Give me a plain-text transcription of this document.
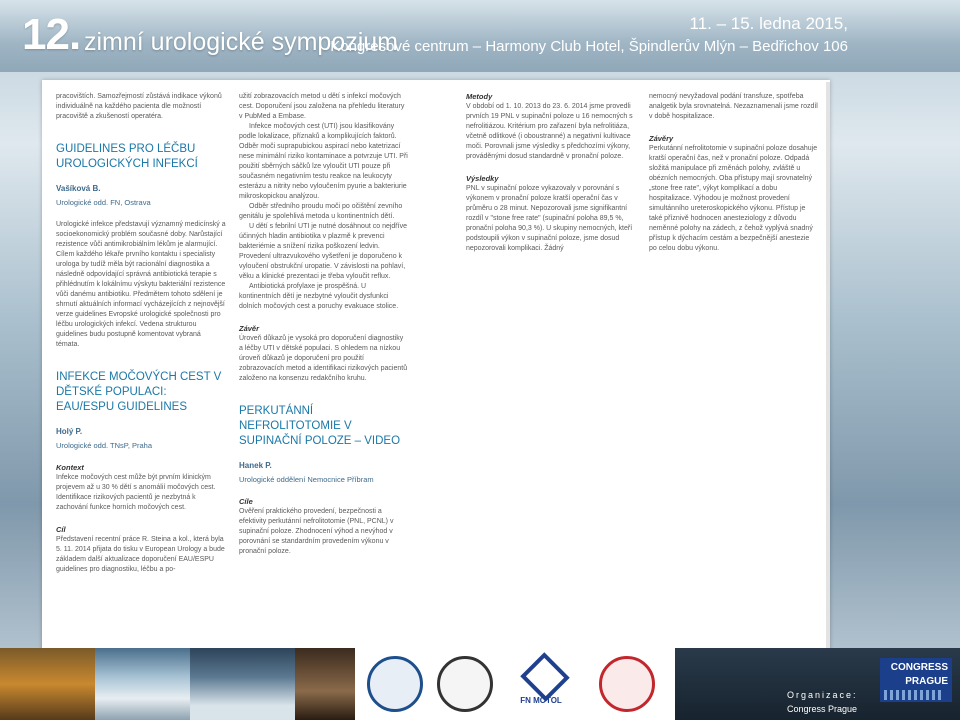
12. zimní urologické sympozium
11. – 15. ledna 2015,
Kongresové centrum – Harmony Club Hotel, Špindlerův Mlýn – Bedřichov 106

pracovištích. Samozřejmostí zůstává indikace výkonů individuálně na každého pacienta dle možností pracoviště a zkušeností operatéra.

GUIDELINES PRO LÉČBU UROLOGICKÝCH INFEKCÍ
Vašíková B.
Urologické odd. FN, Ostrava

Urologické infekce představují významný medicínský a socioekonomický problém současné doby. Narůstající rezistence vůči antimikrobiálním lékům je alarmující. Cílem každého lékaře prvního kontaktu i specialisty urologa by tudíž měla být racionální diagnostika a následně odpovídající správná antibiotická terapie s přihlédnutím k lokálnímu výskytu bakteriální rezistence vůči danému antibiotiku. Předmětem tohoto sdělení je shrnutí aktuálních informací vycházejících z nejnovější verze guidelines Evropské urologické společnosti pro léčbu urologických infekcí. Vedena strukturou guidelines budu postupně komentovat vybraná témata.

INFEKCE MOČOVÝCH CEST V DĚTSKÉ POPULACI: EAU/ESPU GUIDELINES
Holý P.
Urologické odd. TNsP, Praha
Kontext

Infekce močových cest může být prvním klinickým projevem až u 30 % dětí s anomálií močových cest. Identifikace rizikových pacientů je nezbytná k zachování funkce horních močových cest.

Cíl

Představení recentní práce R. Steina a kol., která byla 5. 11. 2014 přijata do tisku v European Urology a bude základem další aktualizace doporučení EAU/ESPU guidelines pro diagnostiku, léčbu a po-

užití zobrazovacích metod u dětí s infekcí močových cest. Doporučení jsou založena na přehledu literatury v PubMed a Embase.

Infekce močových cest (UTI) jsou klasifikovány podle lokalizace, příznaků a komplikujících faktorů. Odběr moči suprapubickou aspirací nebo katetrizací nese minimální riziko kontaminace a potvrzuje UTI. Při použití sběrných sáčků lze vyloučit UTI pouze při současném negativním testu reakce na leukocyty esterázu a nitrity nebo vyloučením pyurie a bakteriurie mikroskopickou analýzou.

Odběr středního proudu moči po očištění zevního genitálu je spolehlivá metoda u kontinentních dětí.

U dětí s febrilní UTI je nutné dosáhnout co nejdříve účinných hladin antibiotika v plazmě k prevenci bakteriémie a snížení rizika poškození ledvin. Provedení ultrazvukového vyšetření je doporučeno k vyloučení obstrukční uropatie. V závislosti na pohlaví, věku a klinické prezentaci je třeba vyloučit reflux.

Antibiotická profylaxe je prospěšná. U kontinentních dětí je nezbytné vyloučit dysfunkci dolních močových cest a poruchy evakuace stolice.

Závěr

Úroveň důkazů je vysoká pro doporučení diagnostiky a léčby UTI v dětské populaci. S ohledem na nízkou úroveň důkazů je doporučení pro použití zobrazovacích metod a identifikaci rizikových pacientů založeno na konsenzu redakčního kruhu.

PERKUTÁNNÍ NEFROLITOTOMIE V SUPINAČNÍ POLOZE – VIDEO
Hanek P.
Urologické oddělení Nemocnice Příbram
Cíle

Ověření praktického provedení, bezpečnosti a efektivity perkutánní nefrolitotomie (PNL, PCNL) v supinační poloze. Zhodnocení výhod a nevýhod v porovnání se standardním provedením výkonu v pronační poloze.

Metody

V období od 1. 10. 2013 do 23. 6. 2014 jsme provedli prvních 19 PNL v supinační poloze u 16 nemocných s nefrolitiázou. Kritérium pro zařazení byla nefrolitiáza, včetně odlitkové (i oboustranné) a negativní kultivace moči. Porovnali jsme výsledky s předchozími výkony, prováděnými dosud standardně v pronační poloze.

Výsledky

PNL v supinační poloze vykazovaly v porovnání s výkonem v pronační poloze kratší operační čas v průměru o 28 minut. Nepozorovali jsme signifikantní rozdíl v "stone free rate" (supinační poloha 89,5 %, pronační poloha 90,3 %). U skupiny nemocných, kteří podstoupili výkon v supinační poloze, jsme dosud nepozorovali komplikaci. Žádný

nemocný nevyžadoval podání transfuze, spotřeba analgetik byla srovnatelná. Nezaznamenali jsme rozdíl v době hospitalizace.

Závěry

Perkutánní nefrolitotomie v supinační poloze dosahuje kratší operační čas, než v pronační poloze. Odpadá složitá manipulace při změnách polohy, zvláště u obézních nemocných. Oba přístupy mají srovnatelný „stone free rate", výkyt komplikací a dobu hospitalizace. Výhodou je možnost provedení simultánního ureteroskopického výkonu. Přístup je také příznivě hodnocen anesteziology z důvodu neměnné polohy na zádech, z čehož vyplývá snadný přístup k dýchacím cestám a bezpečnější anestezie po celou dobu výkonu.

FN MOTOL
Organizace:
Congress Prague
CONGRESS
PRAGUE
